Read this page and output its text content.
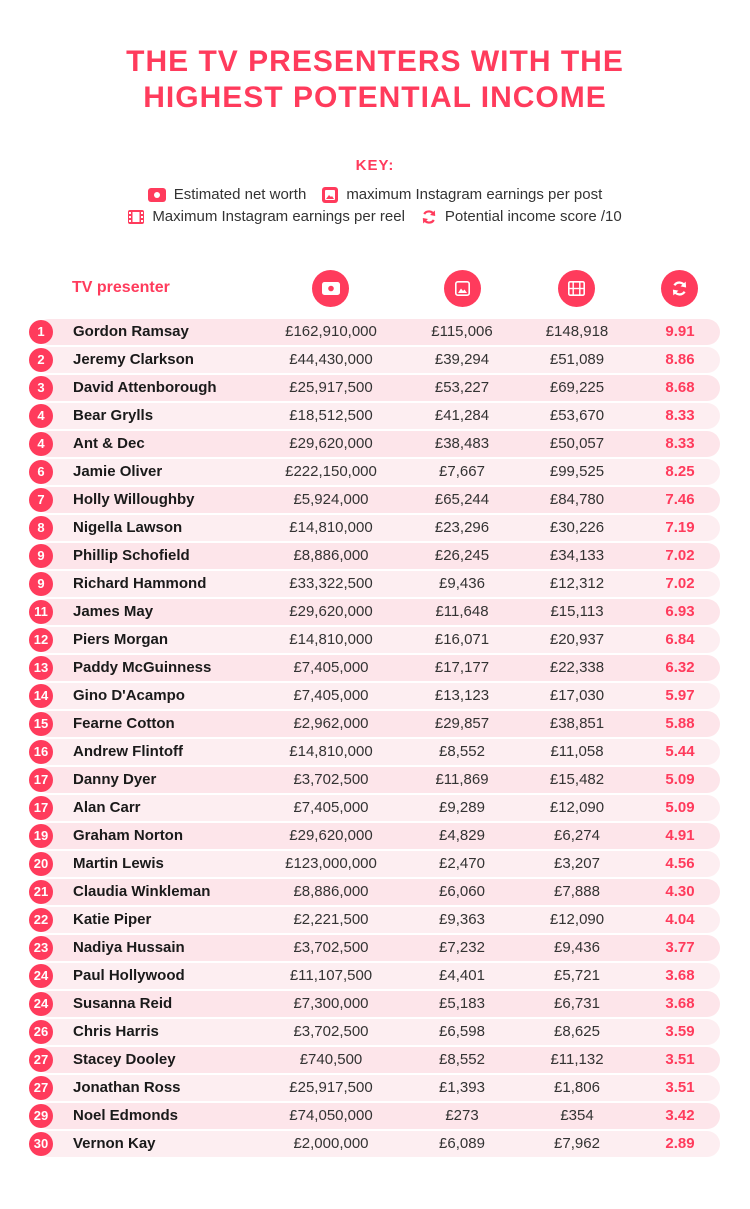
THE TV PRESENTERS WITH THE
HIGHEST POTENTIAL INCOME
KEY:
Estimated net worth	maximum Instagram earnings per post
Maximum Instagram earnings per reel	Potential income score /10
TV presenter
1	Gordon Ramsay	£162,910,000	£115,006	£148,918	9.91
2	Jeremy Clarkson	£44,430,000	£39,294	£51,089	8.86
3	David Attenborough	£25,917,500	£53,227	£69,225	8.68
4	Bear Grylls	£18,512,500	£41,284	£53,670	8.33
4	Ant & Dec	£29,620,000	£38,483	£50,057	8.33
6	Jamie Oliver	£222,150,000	£7,667	£99,525	8.25
7	Holly Willoughby	£5,924,000	£65,244	£84,780	7.46
8	Nigella Lawson	£14,810,000	£23,296	£30,226	7.19
9	Phillip Schofield	£8,886,000	£26,245	£34,133	7.02
9	Richard Hammond	£33,322,500	£9,436	£12,312	7.02
11	James May	£29,620,000	£11,648	£15,113	6.93
12	Piers Morgan	£14,810,000	£16,071	£20,937	6.84
13	Paddy McGuinness	£7,405,000	£17,177	£22,338	6.32
14	Gino D'Acampo	£7,405,000	£13,123	£17,030	5.97
15	Fearne Cotton	£2,962,000	£29,857	£38,851	5.88
16	Andrew Flintoff	£14,810,000	£8,552	£11,058	5.44
17	Danny Dyer	£3,702,500	£11,869	£15,482	5.09
17	Alan Carr	£7,405,000	£9,289	£12,090	5.09
19	Graham Norton	£29,620,000	£4,829	£6,274	4.91
20	Martin Lewis	£123,000,000	£2,470	£3,207	4.56
21	Claudia Winkleman	£8,886,000	£6,060	£7,888	4.30
22	Katie Piper	£2,221,500	£9,363	£12,090	4.04
23	Nadiya Hussain	£3,702,500	£7,232	£9,436	3.77
24	Paul Hollywood	£11,107,500	£4,401	£5,721	3.68
24	Susanna Reid	£7,300,000	£5,183	£6,731	3.68
26	Chris Harris	£3,702,500	£6,598	£8,625	3.59
27	Stacey Dooley	£740,500	£8,552	£11,132	3.51
27	Jonathan Ross	£25,917,500	£1,393	£1,806	3.51
29	Noel Edmonds	£74,050,000	£273	£354	3.42
30	Vernon Kay	£2,000,000	£6,089	£7,962	2.89
